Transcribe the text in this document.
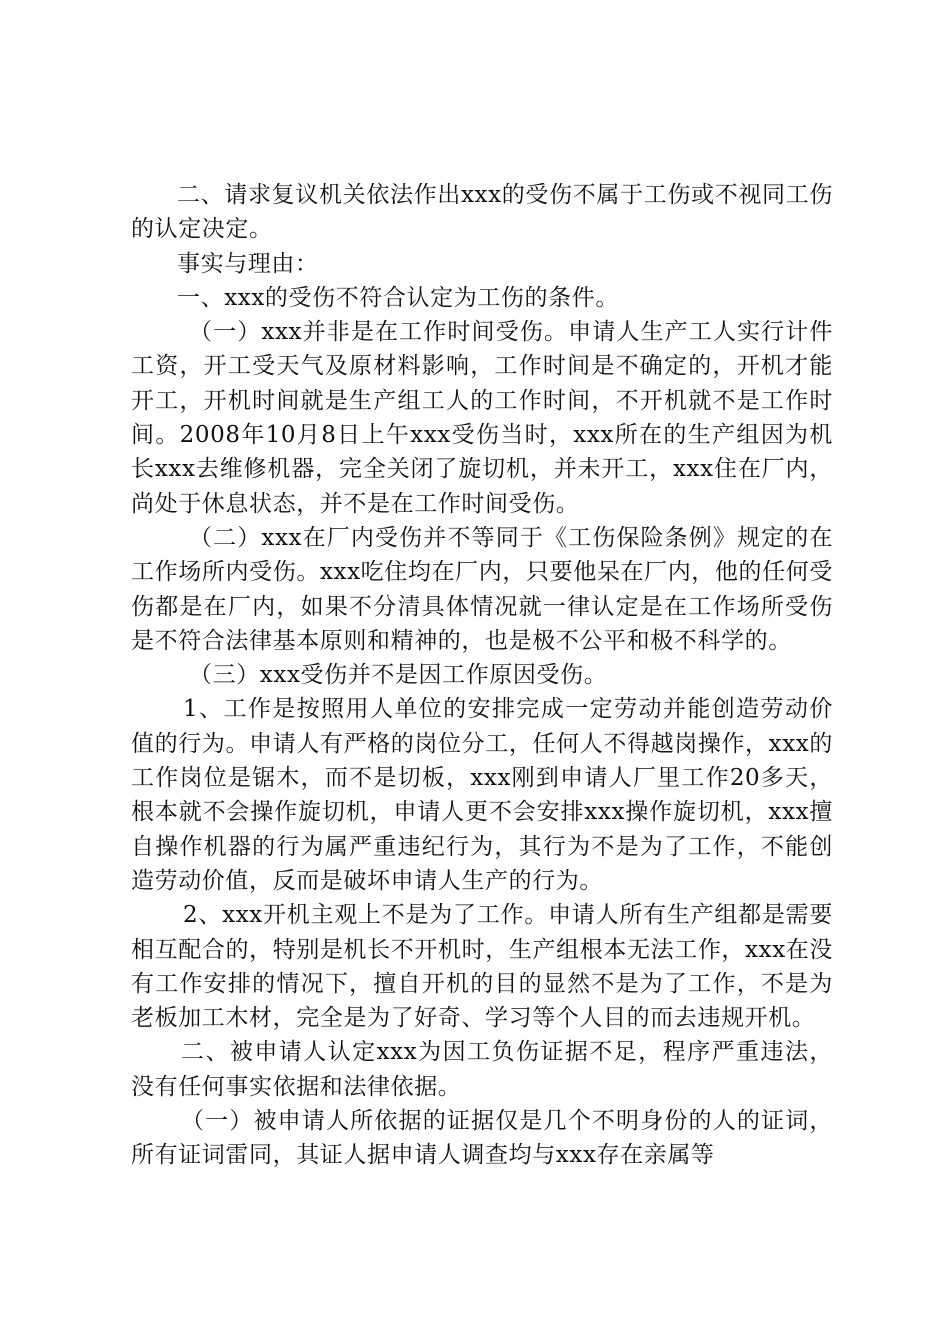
二、请求复议机关依法作出xxx的受伤不属于工伤或不视同工伤的认定决定。

事实与理由：

一、xxx的受伤不符合认定为工伤的条件。

（一）xxx并非是在工作时间受伤。申请人生产工人实行计件工资，开工受天气及原材料影响，工作时间是不确定的，开机才能开工，开机时间就是生产组工人的工作时间，不开机就不是工作时间。2008年10月8日上午xxx受伤当时，xxx所在的生产组因为机长xxx去维修机器，完全关闭了旋切机，并未开工，xxx住在厂内，尚处于休息状态，并不是在工作时间受伤。

（二）xxx在厂内受伤并不等同于《工伤保险条例》规定的在工作场所内受伤。xxx吃住均在厂内，只要他呆在厂内，他的任何受伤都是在厂内，如果不分清具体情况就一律认定是在工作场所受伤是不符合法律基本原则和精神的，也是极不公平和极不科学的。

（三）xxx受伤并不是因工作原因受伤。

1、工作是按照用人单位的安排完成一定劳动并能创造劳动价值的行为。申请人有严格的岗位分工，任何人不得越岗操作，xxx的工作岗位是锯木，而不是切板，xxx刚到申请人厂里工作20多天，根本就不会操作旋切机，申请人更不会安排xxx操作旋切机，xxx擅自操作机器的行为属严重违纪行为，其行为不是为了工作，不能创造劳动价值，反而是破坏申请人生产的行为。

2、xxx开机主观上不是为了工作。申请人所有生产组都是需要相互配合的，特别是机长不开机时，生产组根本无法工作，xxx在没有工作安排的情况下，擅自开机的目的显然不是为了工作，不是为老板加工木材，完全是为了好奇、学习等个人目的而去违规开机。

二、被申请人认定xxx为因工负伤证据不足，程序严重违法，没有任何事实依据和法律依据。

（一）被申请人所依据的证据仅是几个不明身份的人的证词，所有证词雷同，其证人据申请人调查均与xxx存在亲属等
